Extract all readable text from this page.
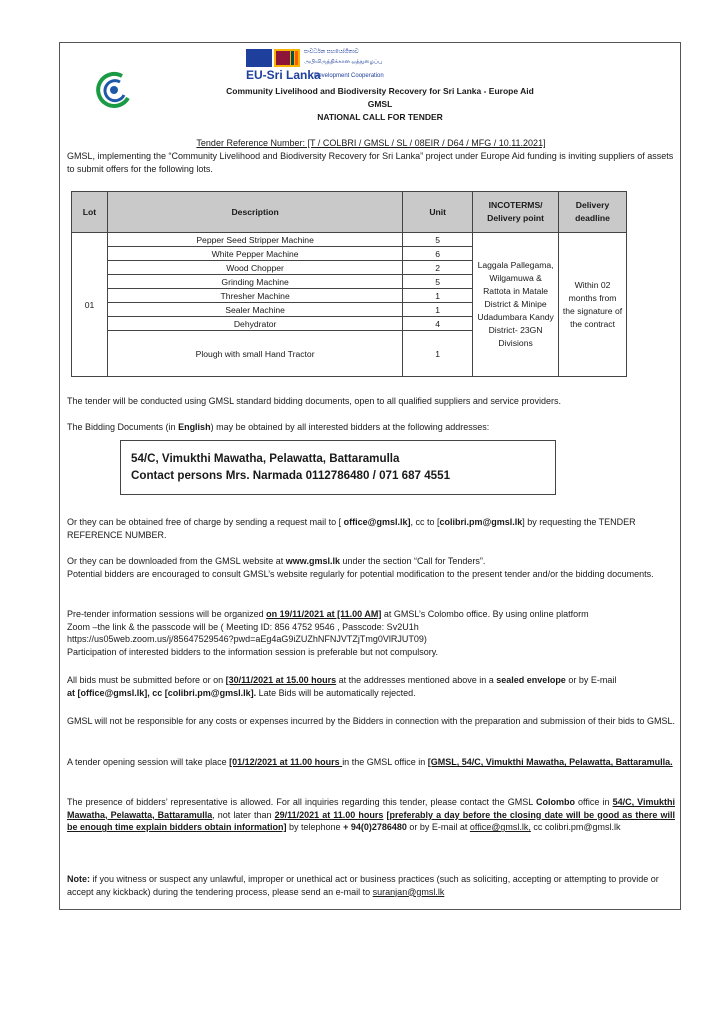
සංවර්ධන සහයෝගිතාව
அபிவிருத்திக்கான ஒத்துழைப்பு
EU-Sri Lanka
Development Cooperation
Community Livelihood and Biodiversity Recovery for Sri Lanka - Europe Aid
GMSL
NATIONAL CALL FOR TENDER

Tender Reference Number: [T / COLBRI / GMSL / SL / 08EIR / D64 / MFG / 10.11.2021]

GMSL, implementing the “Community Livelihood and Biodiversity Recovery for Sri Lanka” project under Europe Aid funding is inviting suppliers of assets to submit offers for the following lots.

Lot	Description	Unit	INCOTERMS/ Delivery point	Delivery deadline
01	Pepper Seed Stripper Machine	5	Laggala Pallegama, Wilgamuwa & Rattota in Matale District & Minipe Udadumbara Kandy District- 23GN Divisions	Within 02 months from the signature of the contract
	White Pepper Machine	6		
	Wood Chopper	2		
	Grinding Machine	5		
	Thresher Machine	1		
	Sealer Machine	1		
	Dehydrator	4		
	Plough with small Hand Tractor	1		

The tender will be conducted using GMSL standard bidding documents, open to all qualified suppliers and service providers.

The Bidding Documents (in English) may be obtained by all interested bidders at the following addresses:

54/C, Vimukthi Mawatha, Pelawatta, Battaramulla
Contact persons Mrs. Narmada 0112786480 / 071 687 4551

Or they can be obtained free of charge by sending a request mail to [ office@gmsl.lk], cc to [colibri.pm@gmsl.lk] by requesting the TENDER REFERENCE NUMBER.

Or they can be downloaded from the GMSL website at www.gmsl.lk under the section “Call for Tenders”.
Potential bidders are encouraged to consult GMSL’s website regularly for potential modification to the present tender and/or the bidding documents.

Pre-tender information sessions will be organized on 19/11/2021 at [11.00 AM] at GMSL’s Colombo office. By using online platform
Zoom –the link & the passcode will be ( Meeting ID: 856 4752 9546 , Passcode: Sv2U1h
https://us05web.zoom.us/j/85647529546?pwd=aEg4aG9iZUZhNFNJVTZjTmg0VlRJUT09)
Participation of interested bidders to the information session is preferable but not compulsory.

All bids must be submitted before or on [30/11/2021 at 15.00 hours at the addresses mentioned above in a sealed envelope or by E-mail
at [office@gmsl.lk], cc [colibri.pm@gmsl.lk]. Late Bids will be automatically rejected.

GMSL will not be responsible for any costs or expenses incurred by the Bidders in connection with the preparation and submission of their bids to GMSL.

A tender opening session will take place [01/12/2021 at 11.00 hours in the GMSL office in [GMSL, 54/C, Vimukthi Mawatha, Pelawatta, Battaramulla.

The presence of bidders’ representative is allowed. For all inquiries regarding this tender, please contact the GMSL Colombo office in 54/C, Vimukthi Mawatha, Pelawatta, Battaramulla, not later than 29/11/2021 at 11.00 hours [preferably a day before the closing date will be good as there will be enough time explain bidders obtain information] by telephone + 94(0)2786480 or by E-mail at office@gmsl.lk, cc colibri.pm@gmsl.lk

Note: if you witness or suspect any unlawful, improper or unethical act or business practices (such as soliciting, accepting or attempting to provide or accept any kickback) during the tendering process, please send an e-mail to suranjan@gmsl.lk
